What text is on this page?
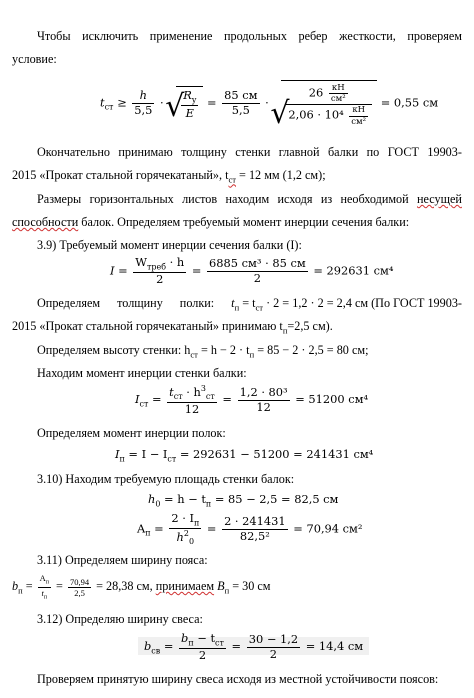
Чтобы исключить применение продольных ребер жесткости, проверяем
условие:
$t_{ст} \ge \frac{h}{5,5}$ · √ $\frac{R_y}{E} = \frac{85 см}{5,5}$ · √ $\frac{26 \frac{кН}{\text{см²}}}{2,06 \cdot 10^4 \frac{кН}{\text{см²}}} = 0,55$ см
Окончательно принимаю толщину стенки главной балки по ГОСТ 19903-
2015 «Прокат стальной горячекатаный», $t_{ст} = 12$ мм (1,2 см);
Размеры горизонтальных листов находим исходя из необходимой несущей
способности балок. Определяем требуемый момент инерции сечения балки:
3.9) Требуемый момент инерции сечения балки (I):
$I = \frac{W_{треб} \cdot h}{2} = \frac{\text{6885 см³ · 85 см}}{2} = 292631$ см⁴
Определяем толщину полки: $t_п = t_{ст} \cdot 2 = 1,2 \cdot 2 = 2,4$ см (По ГОСТ 19903-
2015 «Прокат стальной горячекатаный» принимаю $t_п=2,5$ см).
Определяем высоту стенки: $h_{ст} = h - 2 \cdot t_п = 85 - 2 \cdot 2,5 = 80$ см;
Находим момент инерции стенки балки:
$I_{ст} = \frac{t_{ст} \cdot h^3_{ст}}{12} = \frac{\text{1,2 · 80³}}{12} = 51200$ см⁴
Определяем момент инерции полок:
$I_п = I - I_{ст} = 292631 - 51200 = 241431$ см⁴
3.10) Находим требуемую площадь стенки балок:
$h_0 = h - t_п = 85 - 2,5 = 82,5$ см
$A_п = \frac{2 \cdot I_п}{h^2_0} = \frac{2 \cdot 241431}{\text{82,5²}} = 70,94$ см²
3.11) Определяем ширину пояса:
$b_п = \frac{A_п}{t_п} = \frac{70,94}{2,5} = 28,38$ см, принимаем $B_п = 30$ см
3.12) Определяю ширину свеса:
$b_{св} = \frac{b_п - t_{ст}}{2} = \frac{30 - 1,2}{2} = 14,4$ см
Проверяем принятую ширину свеса исходя из местной устойчивости поясов:
